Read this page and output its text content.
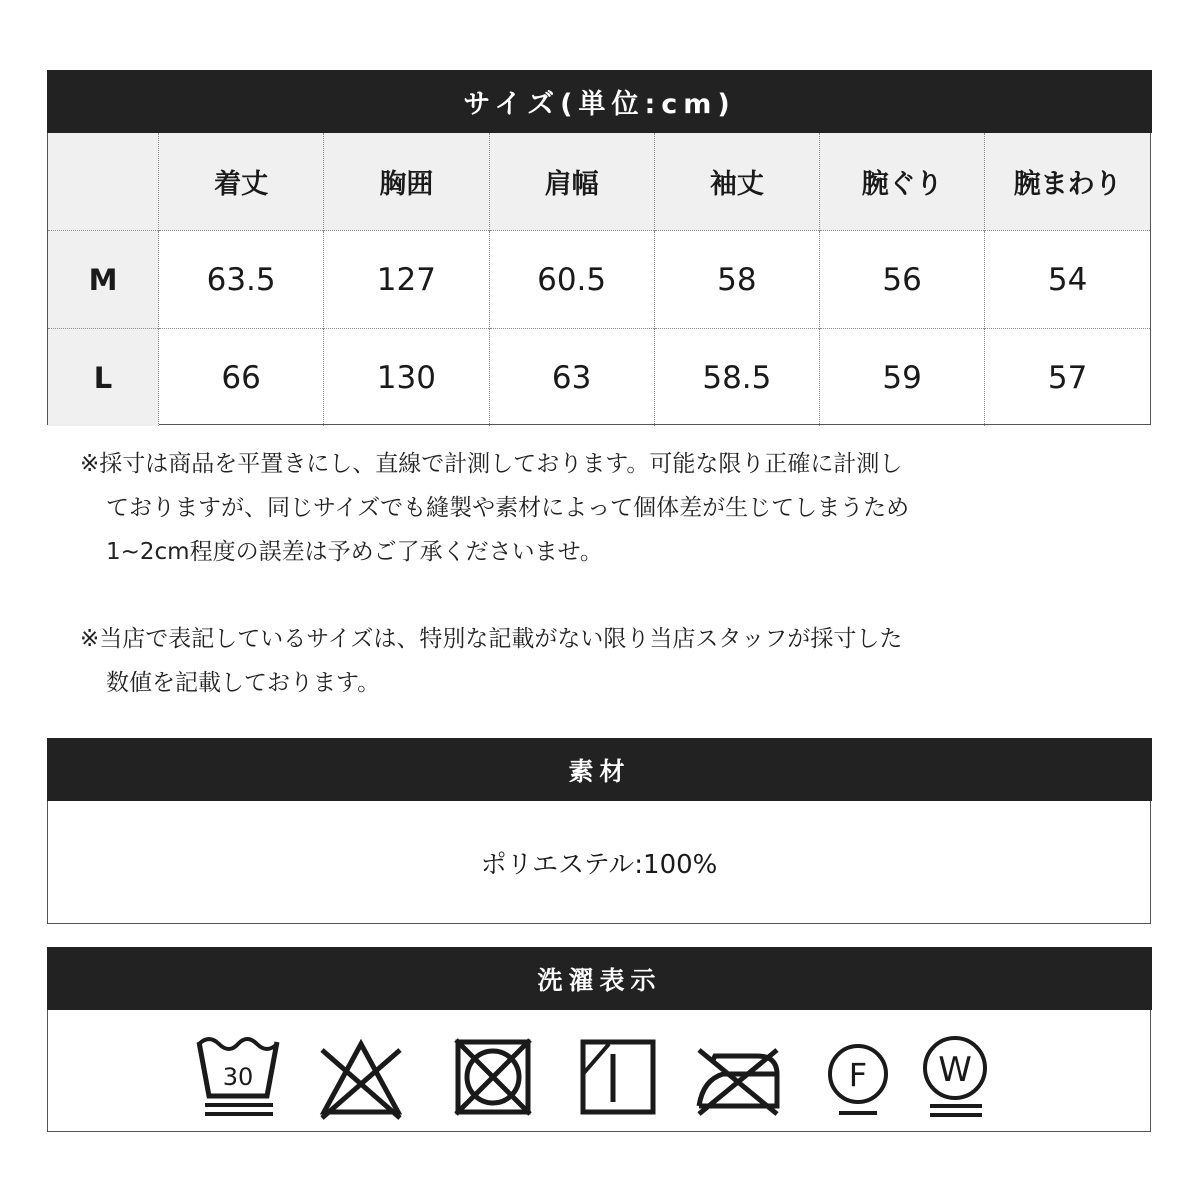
サイズ(単位:cm)
	着丈	胸囲	肩幅	袖丈	腕ぐり	腕まわり
M	63.5	127	60.5	58	56	54
L	66	130	63	58.5	59	57
※採寸は商品を平置きにし、直線で計測しております。可能な限り正確に計測し
ておりますが、同じサイズでも縫製や素材によって個体差が生じてしまうため
1~2cm程度の誤差は予めご了承くださいませ。
※当店で表記しているサイズは、特別な記載がない限り当店スタッフが採寸した
数値を記載しております。
素材
ポリエステル:100%
洗濯表示
30	F W
